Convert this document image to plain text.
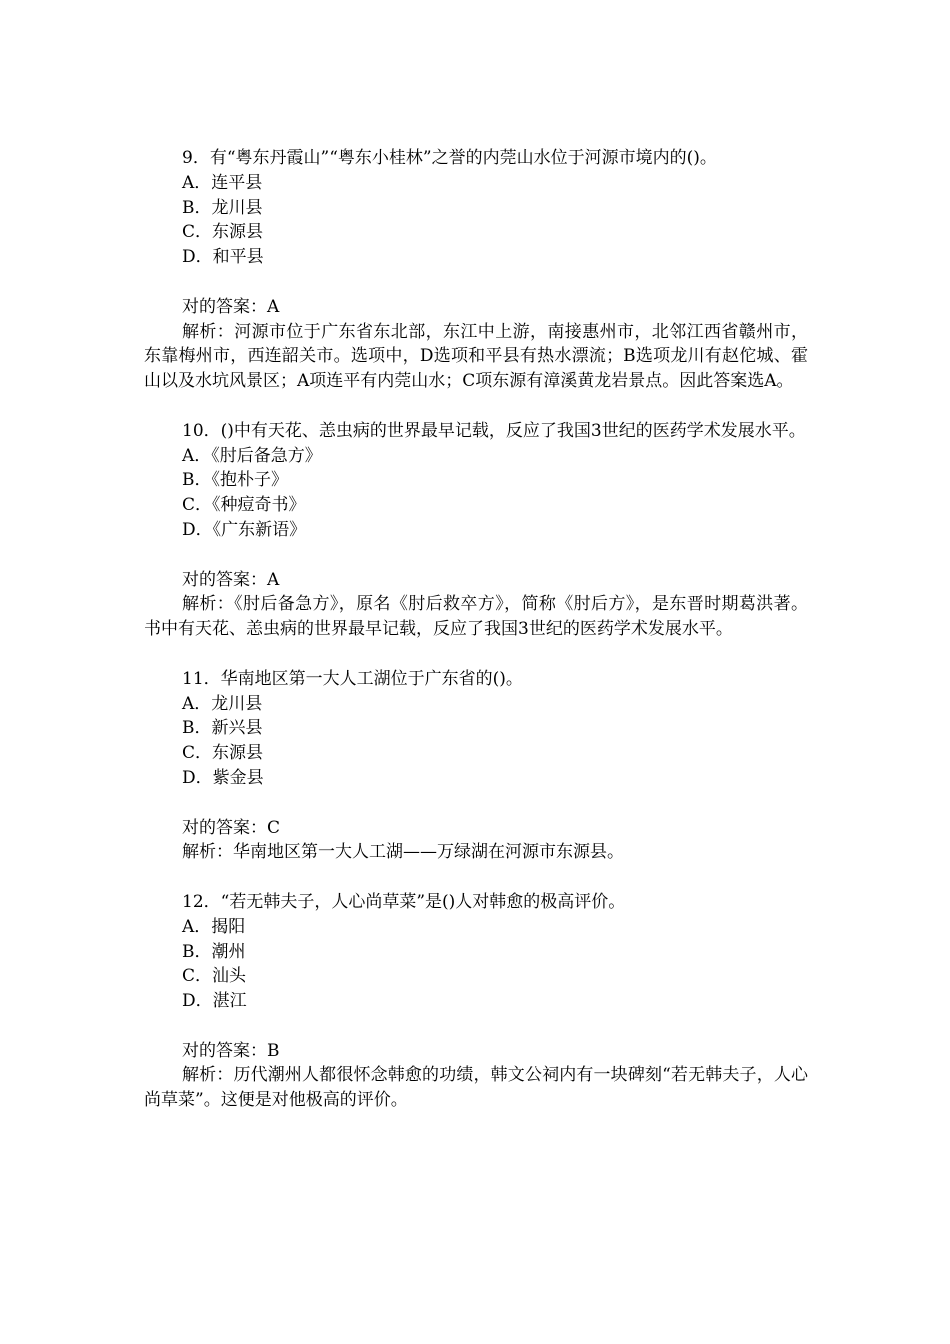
9．有“粤东丹霞山”“粤东小桂林”之誉的内莞山水位于河源市境内的()。
A．连平县
B．龙川县
C．东源县
D．和平县
对的答案：A

解析：河源市位于广东省东北部，东江中上游，南接惠州市，北邻江西省赣州市，东靠梅州市，西连韶关市。选项中，D选项和平县有热水漂流；B选项龙川有赵佗城、霍山以及水坑风景区；A项连平有内莞山水；C项东源有漳溪黄龙岩景点。因此答案选A。

10．()中有天花、恙虫病的世界最早记载，反应了我国3世纪的医药学术发展水平。

A．《肘后备急方》
B．《抱朴子》
C．《种痘奇书》
D．《广东新语》
对的答案：A

解析：《肘后备急方》，原名《肘后救卒方》，简称《肘后方》，是东晋时期葛洪著。书中有天花、恙虫病的世界最早记载，反应了我国3世纪的医药学术发展水平。

11．华南地区第一大人工湖位于广东省的()。
A．龙川县
B．新兴县
C．东源县
D．紫金县
对的答案：C
解析：华南地区第一大人工湖——万绿湖在河源市东源县。
12．“若无韩夫子，人心尚草菜”是()人对韩愈的极高评价。
A．揭阳
B．潮州
C．汕头
D．湛江
对的答案：B

解析：历代潮州人都很怀念韩愈的功绩，韩文公祠内有一块碑刻“若无韩夫子，人心尚草菜”。这便是对他极高的评价。
